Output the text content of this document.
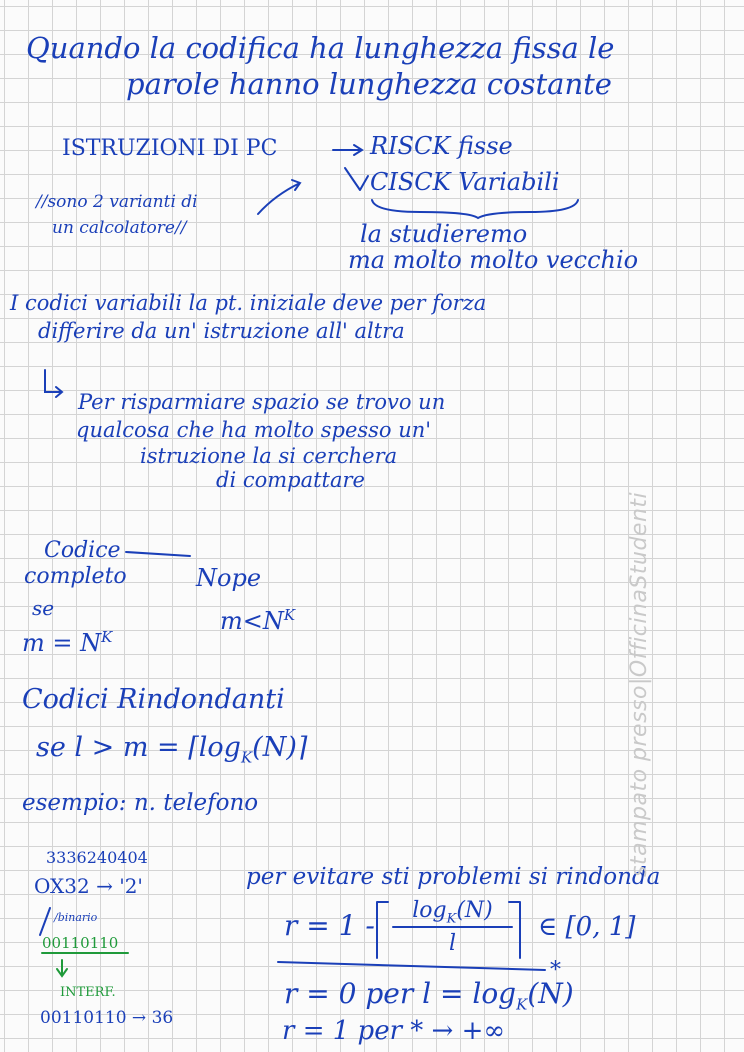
Quando la codifica ha lunghezza fissa le
parole hanno lunghezza costante
ISTRUZIONI DI PC	RISCK fisse
CISCK Variabili
//sono 2 varianti di
un calcolatore//	la studieremo
ma molto molto vecchio
I codici variabili la pt. iniziale deve per forza
differire da un' istruzione all' altra
Per risparmiare spazio se trovo un
qualcosa che ha molto spesso un'
istruzione la si cerchera
di compattare
Codice
completo
se
Nope
$m = N^K$
$m<N^K$
Codici Rindondanti
se $l > m = ⌈\log_K(N)⌉$
esempio: n. telefono
3336240404
OX32 → '2'
/binario
00110110
INTERF.
00110110 → 36
per evitare sti problemi si rindonda
r = 1 -	$\log_K(N)$
l
∈ [0, 1]
*
r = 0 per $l = \log_K(N)$
r = 1 per * → +∞
stampato presso|OfficinaStudenti
